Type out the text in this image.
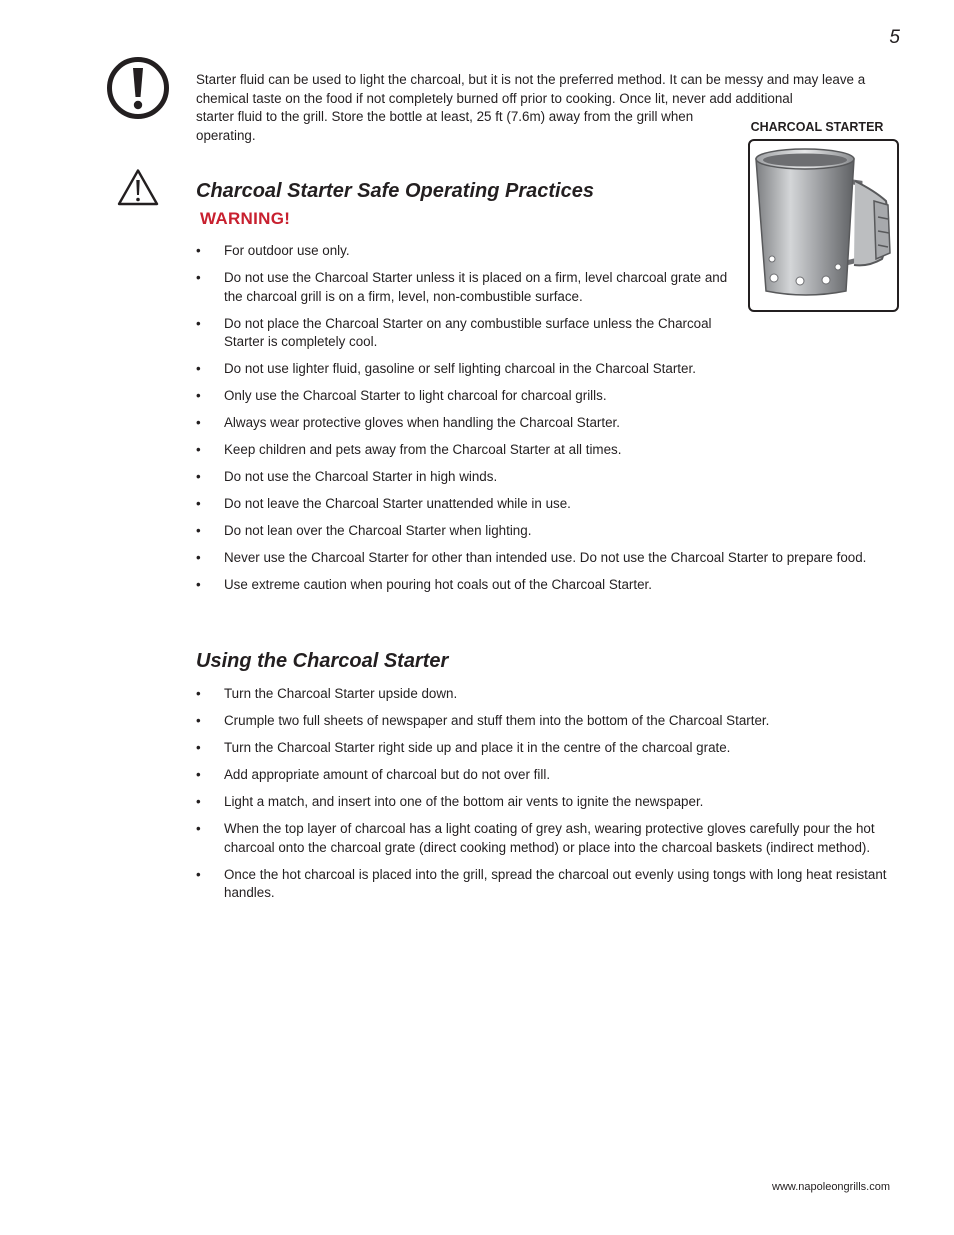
5

Starter fluid can be used to light the charcoal, but it is not the preferred method. It can be messy and may leave a chemical taste on the food if not completely burned off prior to cooking. Once lit, never add additional

starter fluid to the grill. Store the bottle at least, 25 ft (7.6m) away from the grill when operating.

CHARCOAL STARTER
Charcoal Starter Safe Operating Practices
WARNING!
• For outdoor use only.
• Do not use the Charcoal Starter unless it is placed on a firm, level charcoal grate and the charcoal grill is on a firm, level, non-combustible surface.
• Do not place the Charcoal Starter on any combustible surface unless the Charcoal Starter is completely cool.
• Do not use lighter fluid, gasoline or self lighting charcoal in the Charcoal Starter.
• Only use the Charcoal Starter to light charcoal for charcoal grills.
• Always wear protective gloves when handling the Charcoal Starter.
• Keep children and pets away from the Charcoal Starter at all times.
• Do not use the Charcoal Starter in high winds.
• Do not leave the Charcoal Starter unattended while in use.
• Do not lean over the Charcoal Starter when lighting.
• Never use the Charcoal Starter for other than intended use. Do not use the Charcoal Starter to prepare food.
• Use extreme caution when pouring hot coals out of the Charcoal Starter.
Using the Charcoal Starter
• Turn the Charcoal Starter upside down.
• Crumple two full sheets of newspaper and stuff them into the bottom of the Charcoal Starter.
• Turn the Charcoal Starter right side up and place it in the centre of the charcoal grate.
• Add appropriate amount of charcoal but do not over fill.
• Light a match, and insert into one of the bottom air vents to ignite the newspaper.
• When the top layer of charcoal has a light coating of grey ash, wearing protective gloves carefully pour the hot charcoal onto the charcoal grate (direct cooking method) or place into the charcoal baskets (indirect method).
• Once the hot charcoal is placed into the grill, spread the charcoal out evenly using tongs with long heat resistant handles.
www.napoleongrills.com
